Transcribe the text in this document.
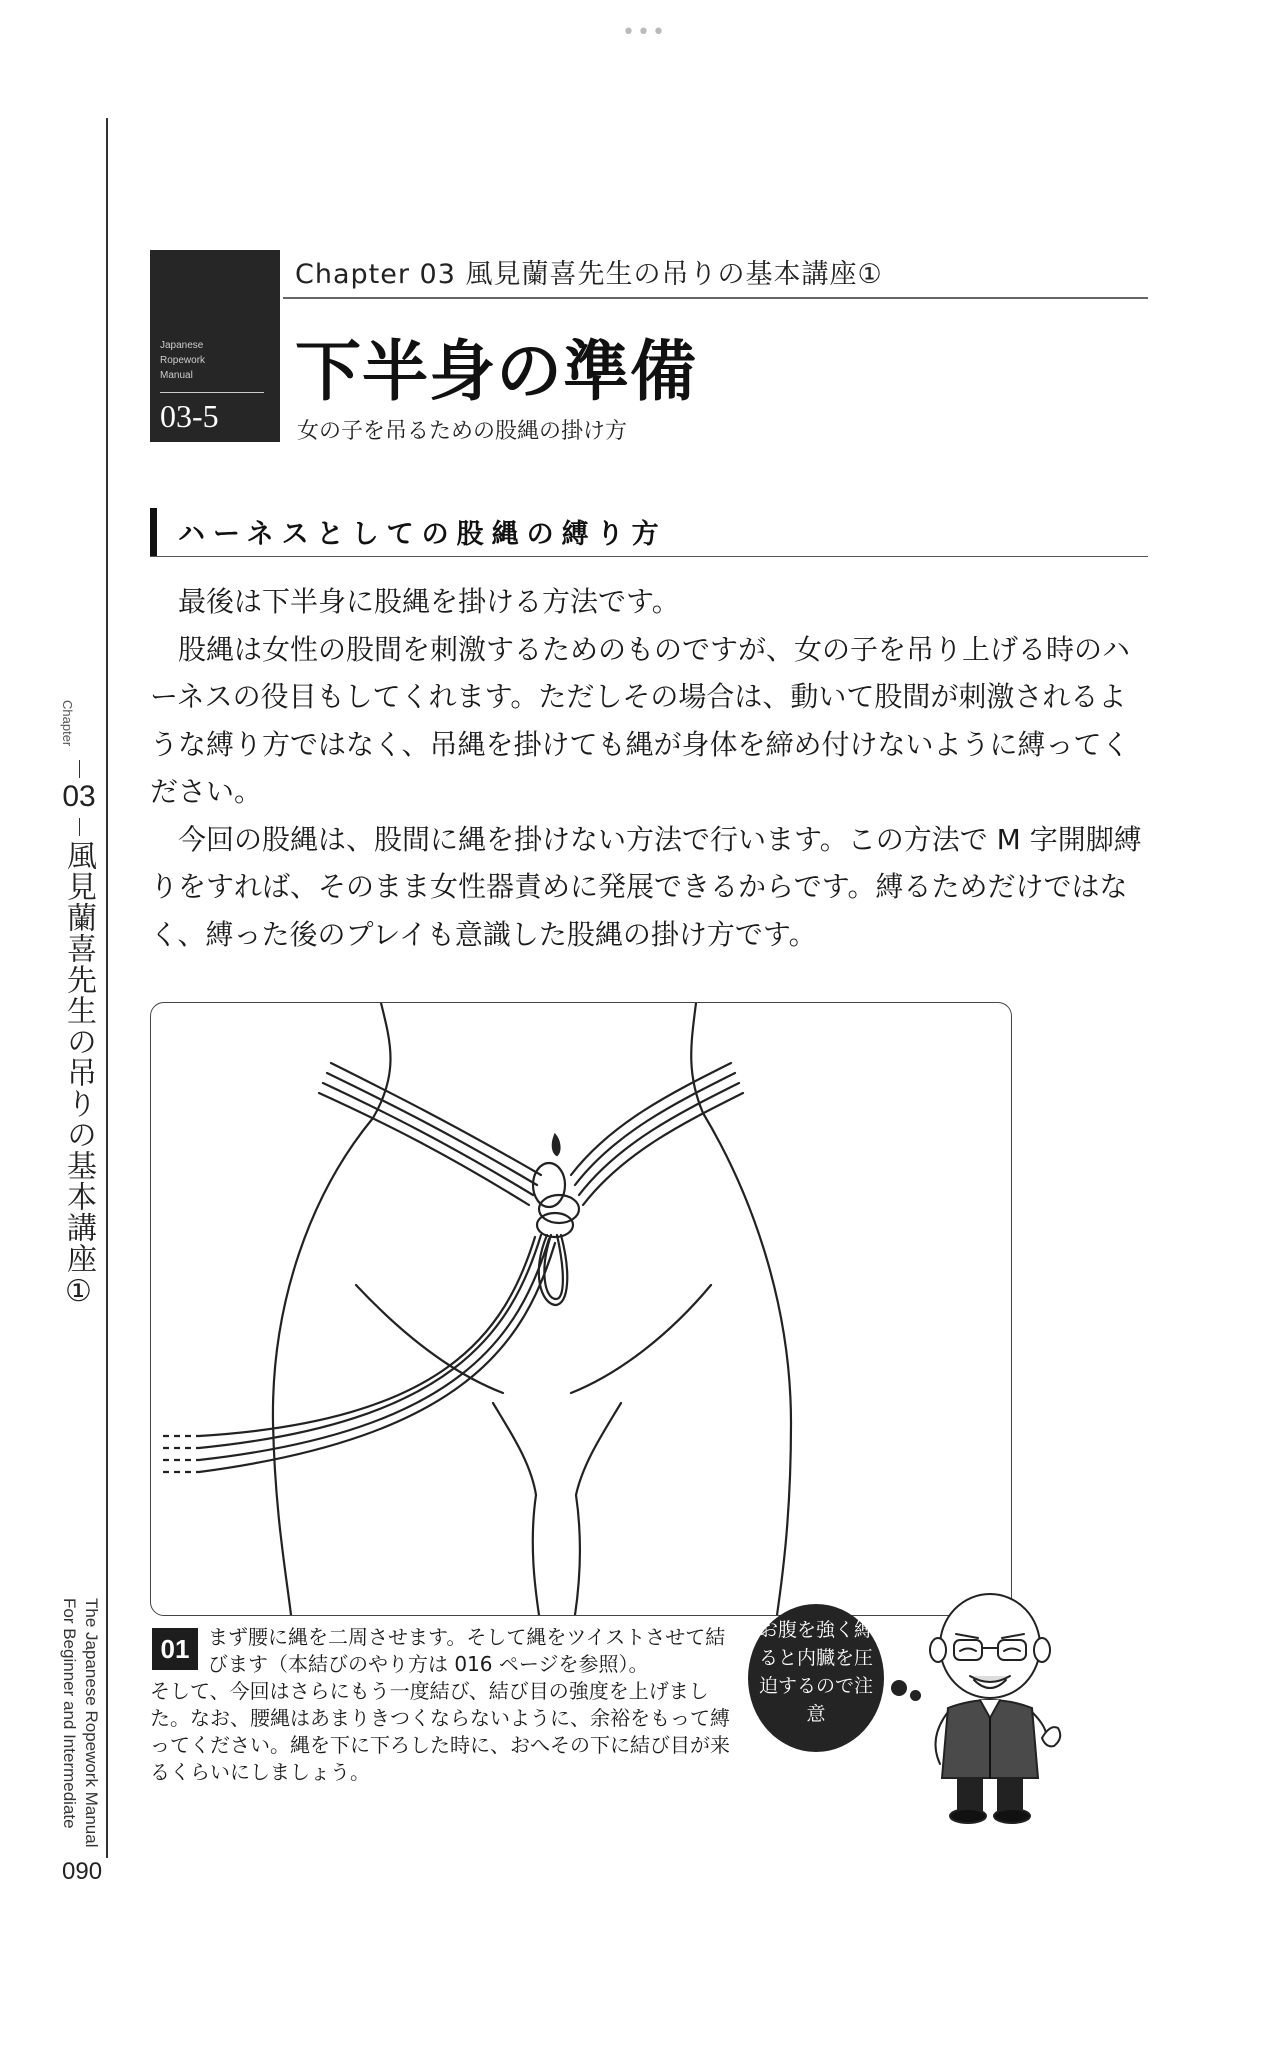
•••
Chapter
03
風見蘭喜先生の吊りの基本講座①
The Japanese Ropework Manual
For Beginner and Intermediate
090
Japanese
Ropework
Manual
03-5
Chapter 03 風見蘭喜先生の吊りの基本講座①
下半身の準備
女の子を吊るための股縄の掛け方
ハーネスとしての股縄の縛り方

最後は下半身に股縄を掛ける方法です。

股縄は女性の股間を刺激するためのものですが、女の子を吊り上げる時のハーネスの役目もしてくれます。ただしその場合は、動いて股間が刺激されるような縛り方ではなく、吊縄を掛けても縄が身体を締め付けないように縛ってください。

今回の股縄は、股間に縄を掛けない方法で行います。この方法で M 字開脚縛りをすれば、そのまま女性器責めに発展できるからです。縛るためだけではなく、縛った後のプレイも意識した股縄の掛け方です。

01 まず腰に縄を二周させます。そして縄をツイストさせて結びます（本結びのやり方は 016 ページを参照）。
そして、今回はさらにもう一度結び、結び目の強度を上げました。なお、腰縄はあまりきつくならないように、余裕をもって縛ってください。縄を下に下ろした時に、おへその下に結び目が来るくらいにしましょう。
お腹を強く縛ると内臓を圧迫するので注意
